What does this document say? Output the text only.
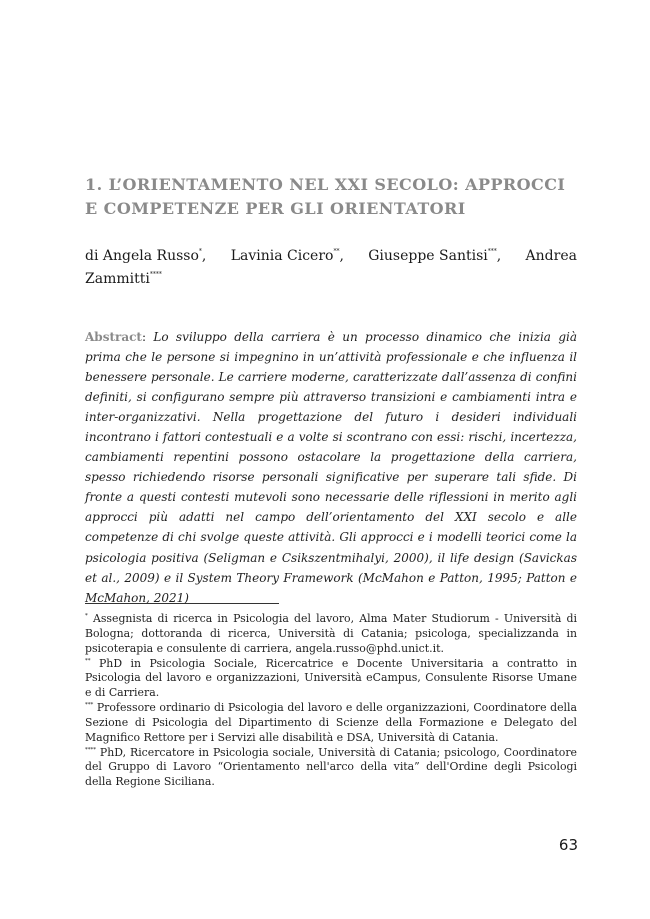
1. L’ORIENTAMENTO NEL XXI SECOLO: APPROCCI
E COMPETENZE PER GLI ORIENTATORI
di Angela Russo*, Lavinia Cicero**, Giuseppe Santisi***, Andrea
Zammitti****

Abstract: Lo sviluppo della carriera è un processo dinamico che inizia già prima che le persone si impegnino in un’attività professionale e che influenza il benessere personale. Le carriere moderne, caratterizzate dall’assenza di confini definiti, si configurano sempre più attraverso transizioni e cambiamenti intra e inter-organizzativi. Nella progettazione del futuro i desideri individuali incontrano i fattori contestuali e a volte si scontrano con essi: rischi, incertezza, cambiamenti repentini possono ostacolare la progettazione della carriera, spesso richiedendo risorse personali significative per superare tali sfide. Di fronte a questi contesti mutevoli sono necessarie delle riflessioni in merito agli approcci più adatti nel campo dell’orientamento del XXI secolo e alle competenze di chi svolge queste attività. Gli approcci e i modelli teorici come la psicologia positiva (Seligman e Csikszentmihalyi, 2000), il life design (Savickas et al., 2009) e il System Theory Framework (McMahon e Patton, 1995; Patton e McMahon, 2021)

* Assegnista di ricerca in Psicologia del lavoro, Alma Mater Studiorum - Università di Bologna; dottoranda di ricerca, Università di Catania; psicologa, specializzanda in psicoterapia e consulente di carriera, angela.russo@phd.unict.it.

** PhD in Psicologia Sociale, Ricercatrice e Docente Universitaria a contratto in Psicologia del lavoro e organizzazioni, Università eCampus, Consulente Risorse Umane e di Carriera.

*** Professore ordinario di Psicologia del lavoro e delle organizzazioni, Coordinatore della Sezione di Psicologia del Dipartimento di Scienze della Formazione e Delegato del Magnifico Rettore per i Servizi alle disabilità e DSA, Università di Catania.

**** PhD, Ricercatore in Psicologia sociale, Università di Catania; psicologo, Coordinatore del Gruppo di Lavoro “Orientamento nell'arco della vita” dell'Ordine degli Psicologi della Regione Siciliana.

63
